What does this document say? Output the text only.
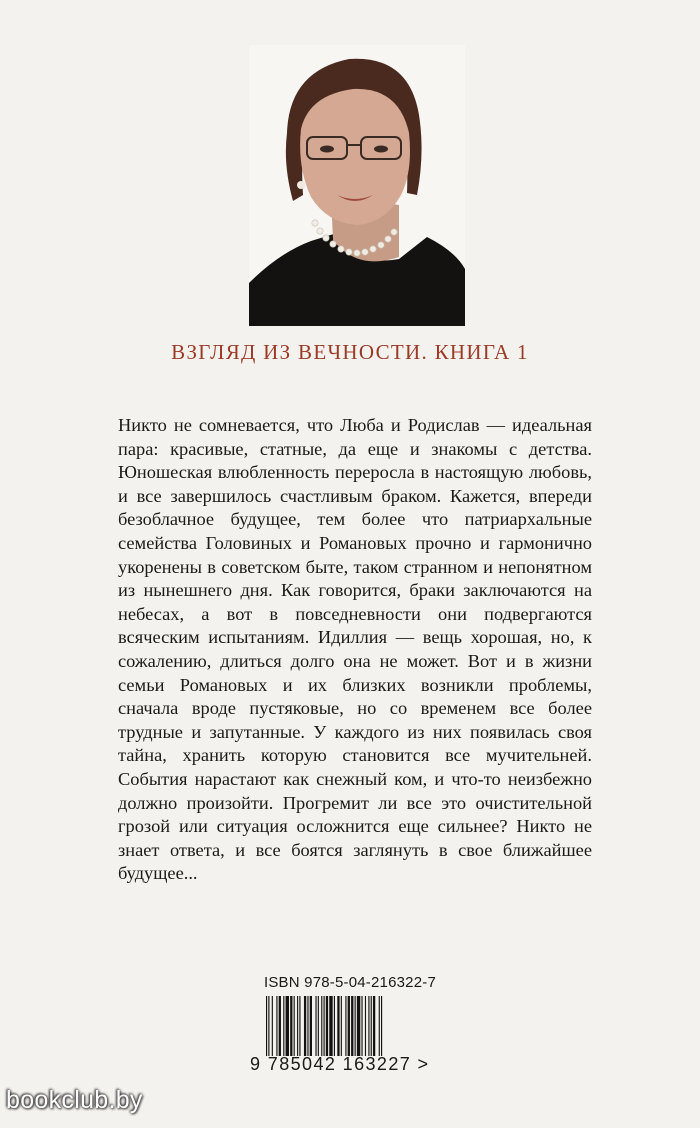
ВЗГЛЯД ИЗ ВЕЧНОСТИ. КНИГА 1

Никто не сомневается, что Люба и Родислав — идеальная пара: красивые, статные, да еще и знакомы с детства. Юношеская влюбленность переросла в настоящую любовь, и все завершилось счастливым браком. Кажется, впереди безоблачное будущее, тем более что патриархальные семейства Головиных и Романовых прочно и гармонично укоренены в советском быте, таком странном и непонятном из нынешнего дня. Как говорится, браки заключаются на небесах, а вот в повседневности они подвергаются всяческим испытаниям. Идиллия — вещь хорошая, но, к сожалению, длиться долго она не может. Вот и в жизни семьи Романовых и их близких возникли проблемы, сначала вроде пустяковые, но со временем все более трудные и запутанные. У каждого из них появилась своя тайна, хранить которую становится все мучительней. События нарастают как снежный ком, и что-то неизбежно должно произойти. Прогремит ли все это очистительной грозой или ситуация осложнится еще сильнее? Никто не знает ответа, и все боятся заглянуть в свое ближайшее будущее...

ISBN 978-5-04-216322-7
9 785042 163227 >
bookclub.by
